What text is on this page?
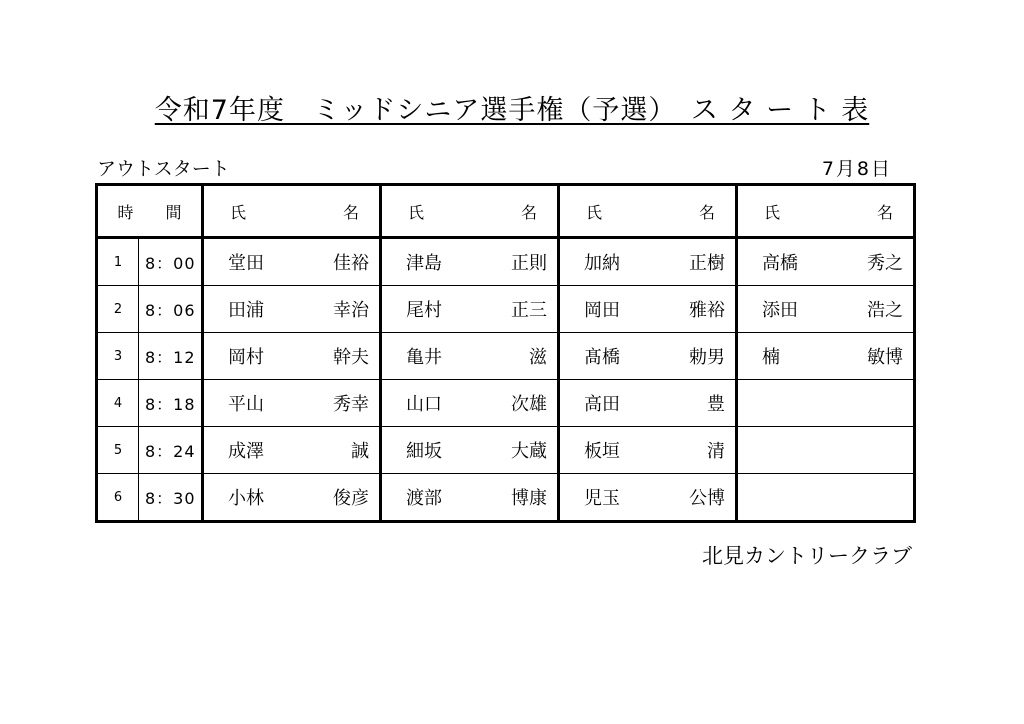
令和7年度　ミッドシニア選手権（予選）　ス タ ー ト 表
アウトスタート	7月8日
時　　間		氏 名	氏 名	氏 名	氏 名

1	8：00	堂田 佳裕	津島 正則	加納 正樹	高橋 秀之

2	8：06	田浦 幸治	尾村 正三	岡田 雅裕	添田 浩之

3	8：12	岡村 幹夫	亀井 滋	髙橋 勅男	楠 敏博

4	8：18	平山 秀幸	山口 次雄	高田 豊	

5	8：24	成澤 誠	細坂 大蔵	板垣 清	

6	8：30	小林 俊彦	渡部 博康	児玉 公博	

北見カントリークラブ
